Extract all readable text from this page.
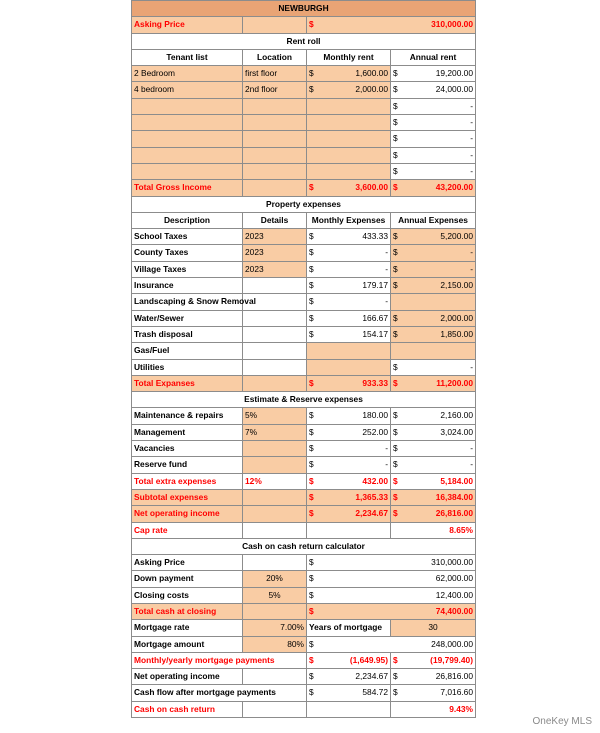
NEWBURGH			
Asking Price		$ 310,000.00	

Rent roll			
Tenant list	Location	Monthly rent	Annual rent
2 Bedroom	first floor	$ 1,600.00	$ 19,200.00

4 bedroom	2nd floor	$ 2,000.00	$ 24,000.00

			$ -

			$ -

			$ -

			$ -

			$ -

Total Gross Income		$ 3,600.00	$ 43,200.00

Property expenses			
Description	Details	Monthly Expenses	Annual Expenses
School Taxes	2023	$ 433.33	$ 5,200.00

County Taxes	2023	$ -	$ -

Village Taxes	2023	$ -	$ -

Insurance		$ 179.17	$ 2,150.00

Landscaping & Snow Removal		$ -	

Water/Sewer		$ 166.67	$ 2,000.00

Trash disposal		$ 154.17	$ 1,850.00

Gas/Fuel			
Utilities			$ -

Total Expanses		$ 933.33	$ 11,200.00

Estimate & Reserve expenses			
Maintenance & repairs	5%	$ 180.00	$ 2,160.00

Management	7%	$ 252.00	$ 3,024.00

Vacancies		$ -	$ -

Reserve fund		$ -	$ -

Total extra expenses	12%	$ 432.00	$ 5,184.00

Subtotal expenses		$ 1,365.33	$ 16,384.00

Net operating income		$ 2,234.67	$ 26,816.00

Cap rate			8.65%
Cash on cash return calculator			
Asking Price		$ 310,000.00	

Down payment	20%	$ 62,000.00	

Closing costs	5%	$ 12,400.00	

Total cash at closing		$ 74,400.00	

Mortgage rate	7.00%	Years of mortgage	30
Mortgage amount	80%	$ 248,000.00	

Monthly/yearly mortgage payments		$ (1,649.95)	$ (19,799.40)

Net operating income		$ 2,234.67	$ 26,816.00

Cash flow after mortgage payments		$ 584.72	$ 7,016.60

Cash on cash return			9.43%
OneKey MLS
